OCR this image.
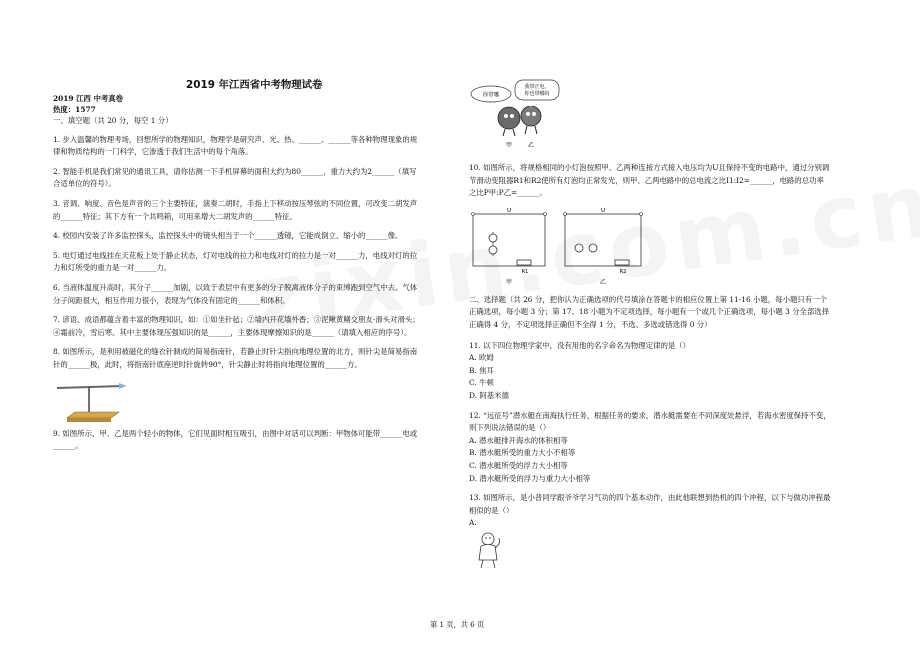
2019 年江西省中考物理试卷

2019 江西 中考真卷

热度：1577

一、填空题（共 20 分，每空 1 分）

1. 步入温馨的物理考场，回想所学的物理知识，物理学是研究声、光、热、______、______等各种物理现象的规律和物质结构的一门科学，它渗透于我们生活中的每个角落。

2. 智能手机是我们常见的通讯工具，请你估测一下手机屏幕的面积大约为80______，重力大约为2______（填写合适单位的符号）。

3. 音调、响度、音色是声音的三个主要特征，演奏二胡时，手指上下移动按压琴弦的不同位置，可改变二胡发声的______特征；其下方有一个共鸣箱，可用来增大二胡发声的______特征。

4. 校园内安装了许多监控探头，监控探头中的镜头相当于一个______透镜，它能成倒立、缩小的______像。

5. 电灯通过电线挂在天花板上处于静止状态，灯对电线的拉力和电线对灯的拉力是一对______力，电线对灯的拉力和灯所受的重力是一对______力。

6. 当液体温度升高时，其分子______加剧，以致于表层中有更多的分子脱离液体分子的束缚跑到空气中去。气体分子间距很大，相互作用力很小，表现为气体没有固定的______和体积。

7. 谚语、成语都蕴含着丰富的物理知识，如：①如坐针毡；②墙内开花墙外香；③泥鳅黄鳝交朋友-滑头对滑头；④霜前冷，雪后寒。其中主要体现压强知识的是______，主要体现摩擦知识的是______（请填入相应的序号）。

8. 如图所示，是利用被磁化的缝衣针制成的简易指南针，若静止时针尖指向地理位置的北方，则针尖是简易指南针的______极，此时，将指南针底座逆时针旋转90°，针尖静止时将指向地理位置的______方。

9. 如图所示，甲、乙是两个轻小的物体，它们见面时相互吸引，由图中对话可以判断：甲物体可能带______电或______。

你带哪
我带正电，
你也带哪吗
+
甲	乙

10. 如图所示，将规格相同的小灯泡按照甲、乙两种连接方式接入电压均为U且保持不变的电路中，通过分别调节滑动变阻器R1和R2使所有灯泡均正常发光，则甲、乙两电路中的总电流之比I1:I2=______，电路的总功率之比P甲:P乙=______。

U
R1
甲
U
R2
乙

二、选择题（共 26 分，把你认为正确选项的代号填涂在答题卡的相应位置上第 11-16 小题，每小题只有一个正确选项，每小题 3 分；第 17、18 小题为不定项选择，每小题有一个或几个正确选项，每小题 3 分全部选择正确得 4 分，不定项选择正确但不全得 1 分，不选、多选或错选得 0 分）

11. 以下四位物理学家中，没有用他的名字命名为物理定律的是（）

A. 欧姆

B. 焦耳

C. 牛顿

D. 阿基米德

12. “远征号”潜水艇在南海执行任务，根据任务的要求，潜水艇需要在不同深度处悬浮，若海水密度保持不变，则下列说法错误的是（）

A. 潜水艇排开海水的体积相等

B. 潜水艇所受的重力大小不相等

C. 潜水艇所受的浮力大小相等

D. 潜水艇所受的浮力与重力大小相等

13. 如图所示，是小普同学跟爷爷学习气功的四个基本动作，由此他联想到热机的四个冲程，以下与做功冲程最相似的是（）

A.

第 1 页，共 6 页
